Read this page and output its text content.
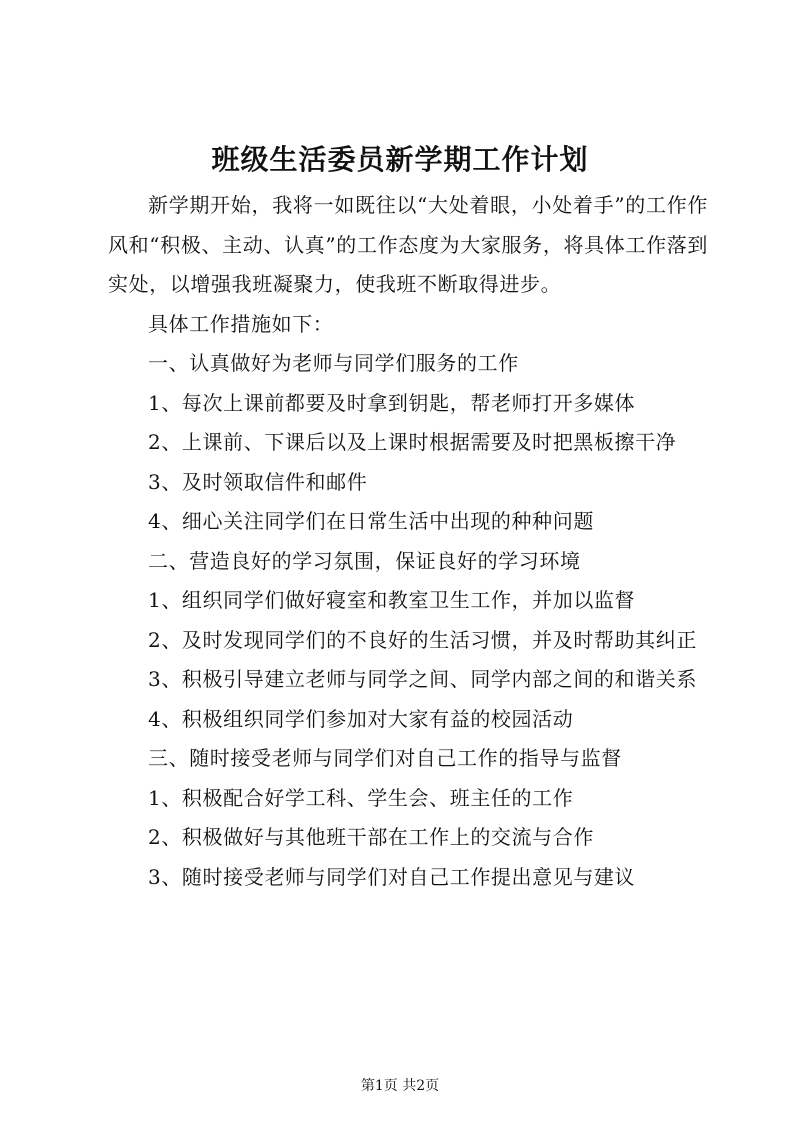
班级生活委员新学期工作计划

新学期开始，我将一如既往以“大处着眼，小处着手”的工作作风和“积极、主动、认真”的工作态度为大家服务，将具体工作落到实处，以增强我班凝聚力，使我班不断取得进步。

具体工作措施如下：

一、认真做好为老师与同学们服务的工作

1、每次上课前都要及时拿到钥匙，帮老师打开多媒体

2、上课前、下课后以及上课时根据需要及时把黑板擦干净

3、及时领取信件和邮件

4、细心关注同学们在日常生活中出现的种种问题

二、营造良好的学习氛围，保证良好的学习环境

1、组织同学们做好寝室和教室卫生工作，并加以监督

2、及时发现同学们的不良好的生活习惯，并及时帮助其纠正

3、积极引导建立老师与同学之间、同学内部之间的和谐关系

4、积极组织同学们参加对大家有益的校园活动

三、随时接受老师与同学们对自己工作的指导与监督

1、积极配合好学工科、学生会、班主任的工作

2、积极做好与其他班干部在工作上的交流与合作

3、随时接受老师与同学们对自己工作提出意见与建议

第1页 共2页
